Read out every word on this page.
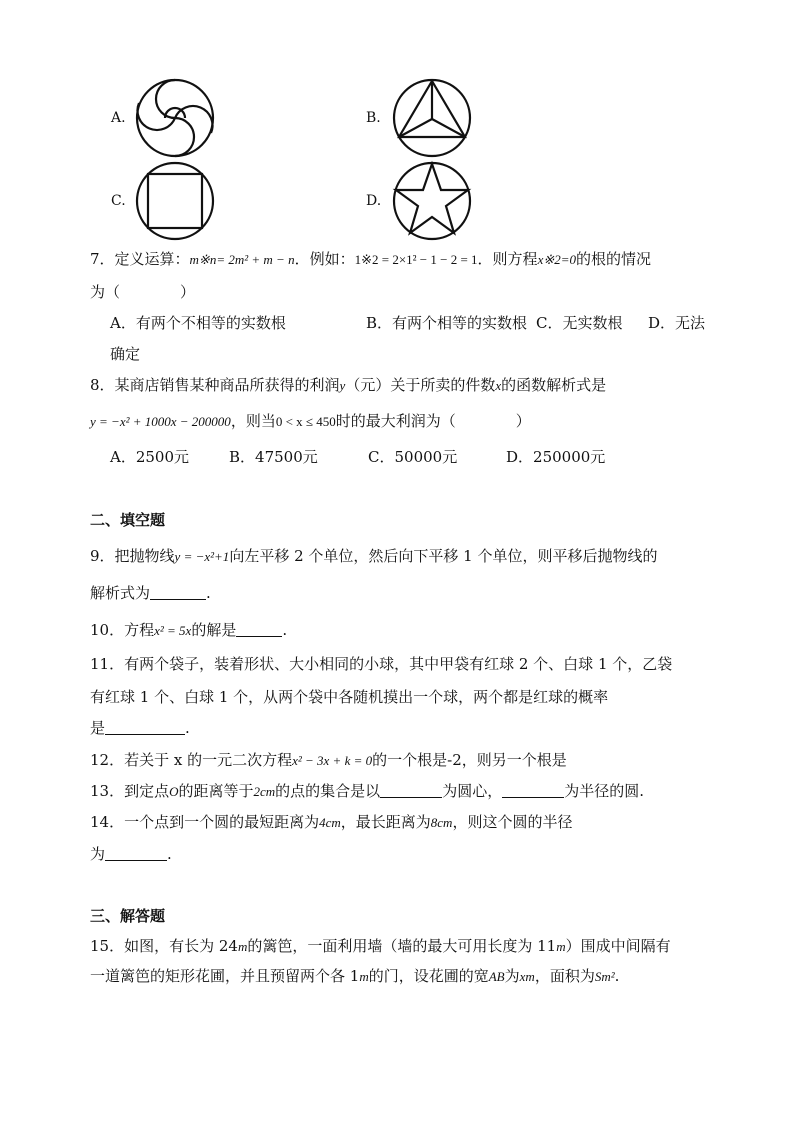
A.	B.
C.	D.
7．定义运算：m※n= 2m² + m − n．例如：1※2 = 2×1² − 1 − 2 = 1．则方程x※2=0的根的情况
为（　　　　）
A．有两个不相等的实数根	B．有两个相等的实数根 C．无实数根 D．无法
确定
8．某商店销售某种商品所获得的利润y（元）关于所卖的件数x的函数解析式是
y = −x² + 1000x − 200000，则当0 < x ≤ 450时的最大利润为（　　　　）
A．2500元	B．47500元	C．50000元	D．250000元
二、填空题
9．把抛物线y = −x²+1向左平移 2 个单位，然后向下平移 1 个单位，则平移后抛物线的
解析式为	.
10．方程x² = 5x的解是	.
11．有两个袋子，装着形状、大小相同的小球，其中甲袋有红球 2 个、白球 1 个，乙袋
有红球 1 个、白球 1 个，从两个袋中各随机摸出一个球，两个都是红球的概率
是	.
12．若关于 x 的一元二次方程x² − 3x + k = 0的一个根是-2，则另一个根是
13．到定点O的距离等于2cm的点的集合是以	为圆心，	为半径的圆.
14．一个点到一个圆的最短距离为4cm，最长距离为8cm，则这个圆的半径
为	.
三、解答题
15．如图，有长为 24m的篱笆，一面利用墙（墙的最大可用长度为 11m）围成中间隔有
一道篱笆的矩形花圃，并且预留两个各 1m的门，设花圃的宽AB为xm，面积为Sm².
